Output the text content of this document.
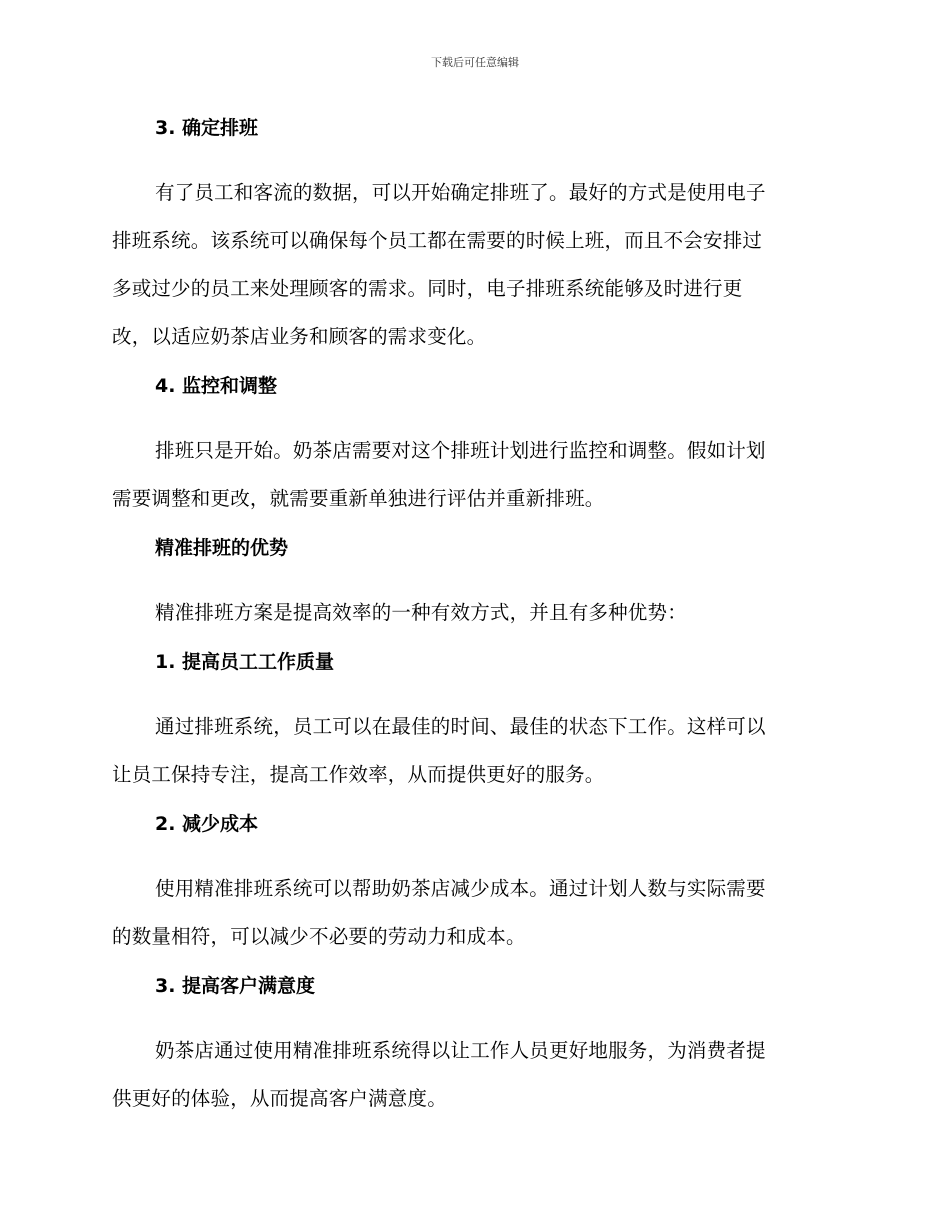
下载后可任意编辑
3. 确定排班
有了员工和客流的数据，可以开始确定排班了。最好的方式是使用电子
排班系统。该系统可以确保每个员工都在需要的时候上班，而且不会安排过
多或过少的员工来处理顾客的需求。同时，电子排班系统能够及时进行更
改，以适应奶茶店业务和顾客的需求变化。
4. 监控和调整
排班只是开始。奶茶店需要对这个排班计划进行监控和调整。假如计划
需要调整和更改，就需要重新单独进行评估并重新排班。
精准排班的优势
精准排班方案是提高效率的一种有效方式，并且有多种优势：
1. 提高员工工作质量
通过排班系统，员工可以在最佳的时间、最佳的状态下工作。这样可以
让员工保持专注，提高工作效率，从而提供更好的服务。
2. 减少成本
使用精准排班系统可以帮助奶茶店减少成本。通过计划人数与实际需要
的数量相符，可以减少不必要的劳动力和成本。
3. 提高客户满意度
奶茶店通过使用精准排班系统得以让工作人员更好地服务，为消费者提
供更好的体验，从而提高客户满意度。
